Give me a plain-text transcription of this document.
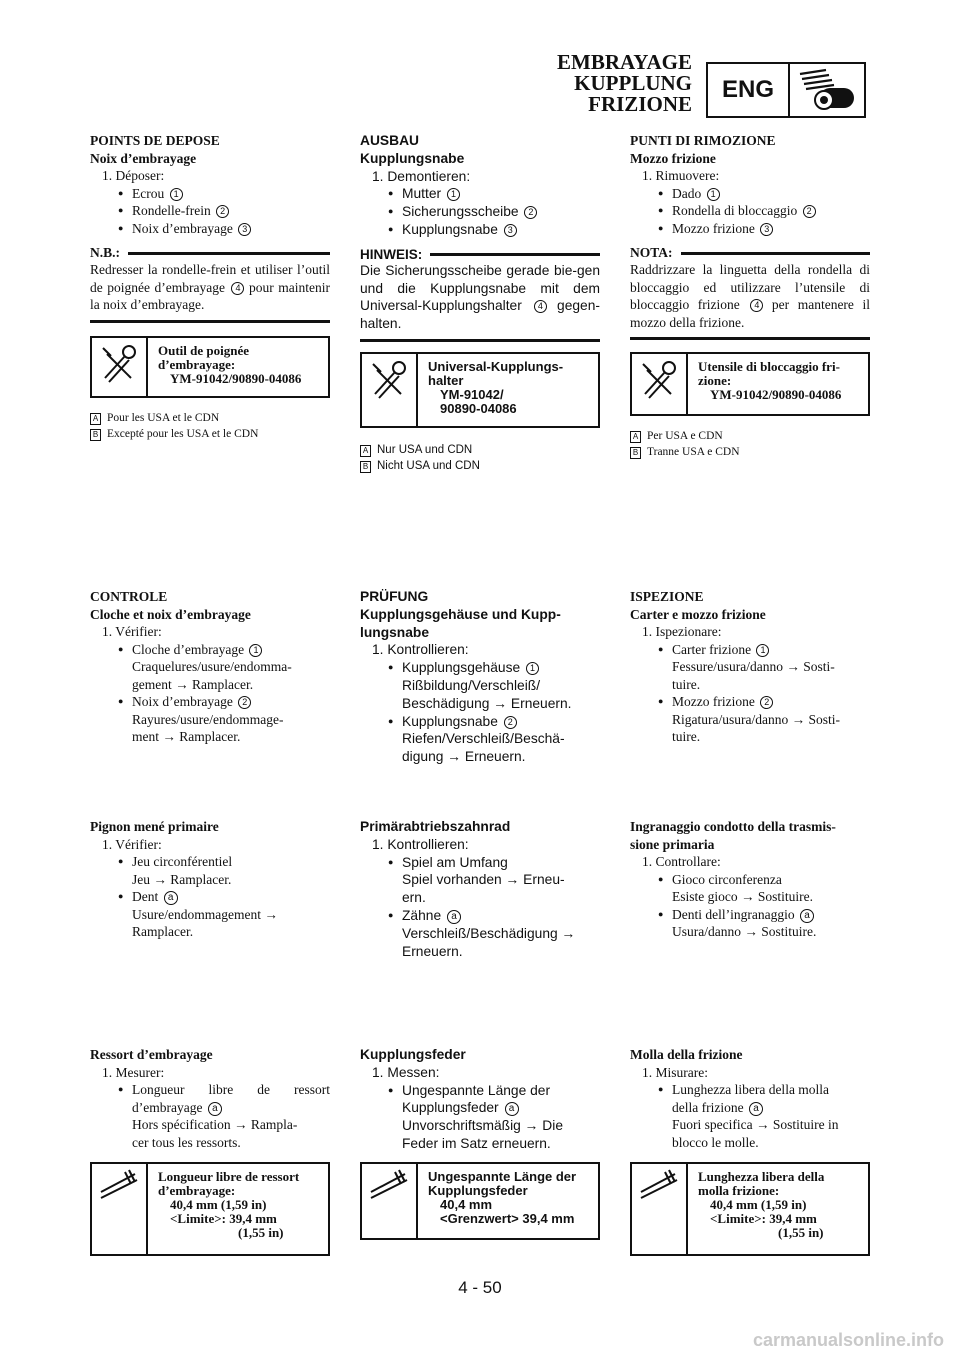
EMBRAYAGE
KUPPLUNG
FRIZIONE
ENG
POINTS DE DEPOSE
Noix d’embrayage
1. Déposer:
● Ecrou 1
● Rondelle-frein 2
● Noix d’embrayage 3
N.B.:
Redresser la rondelle-frein et utiliser l’outil de poignée d’embrayage 4 pour maintenir la noix d’embrayage.
Outil de poignée
d’embrayage:
YM-91042/90890-04086
A Pour les USA et le CDN
B Excepté pour les USA et le CDN
CONTROLE
Cloche et noix d’embrayage
1. Vérifier:
● Cloche d’embrayage 1
Craquelures/usure/endomma-
gement → Ramplacer.
● Noix d’embrayage 2
Rayures/usure/endommage-
ment → Ramplacer.
Pignon mené primaire
1. Vérifier:
● Jeu circonférentiel
Jeu → Ramplacer.
● Dent a
Usure/endommagement →
Ramplacer.
Ressort d’embrayage
1. Mesurer:
● Longueur libre de ressort
d’embrayage a
Hors spécification → Rampla-
cer tous les ressorts.
Longueur libre de ressort
d’embrayage:
40,4 mm (1,59 in)
<Limite>: 39,4 mm
(1,55 in)
AUSBAU
Kupplungsnabe
1. Demontieren:
● Mutter 1
● Sicherungsscheibe 2
● Kupplungsnabe 3
HINWEIS:
Die Sicherungsscheibe gerade bie-gen und die Kupplungsnabe mit dem Universal-Kupplungshalter 4 gegen-halten.
Universal-Kupplungs-
halter
YM-91042/
90890-04086
A Nur USA und CDN
B Nicht USA und CDN
PRÜFUNG
Kupplungsgehäuse und Kupp-
lungsnabe
1. Kontrollieren:
● Kupplungsgehäuse 1
Rißbildung/Verschleiß/
Beschädigung → Erneuern.
● Kupplungsnabe 2
Riefen/Verschleiß/Beschä-
digung → Erneuern.
Primärabtriebszahnrad
1. Kontrollieren:
● Spiel am Umfang
Spiel vorhanden → Erneu-
ern.
● Zähne a
Verschleiß/Beschädigung →
Erneuern.
Kupplungsfeder
1. Messen:
● Ungespannte Länge der
Kupplungsfeder a
Unvorschriftsmäßig → Die
Feder im Satz erneuern.
Ungespannte Länge der
Kupplungsfeder
40,4 mm
<Grenzwert> 39,4 mm
PUNTI DI RIMOZIONE
Mozzo frizione
1. Rimuovere:
● Dado 1
● Rondella di bloccaggio 2
● Mozzo frizione 3
NOTA:
Raddrizzare la linguetta della rondella di bloccaggio ed utilizzare l’utensile di bloccaggio frizione 4 per mantenere il mozzo della frizione.
Utensile di bloccaggio fri-
zione:
YM-91042/90890-04086
A Per USA e CDN
B Tranne USA e CDN
ISPEZIONE
Carter e mozzo frizione
1. Ispezionare:
● Carter frizione 1
Fessure/usura/danno → Sosti-
tuire.
● Mozzo frizione 2
Rigatura/usura/danno → Sosti-
tuire.
Ingranaggio condotto della trasmis-
sione primaria
1. Controllare:
● Gioco circonferenza
Esiste gioco → Sostituire.
● Denti dell’ingranaggio a
Usura/danno → Sostituire.
Molla della frizione
1. Misurare:
● Lunghezza libera della molla
della frizione a
Fuori specifica → Sostituire in
blocco le molle.
Lunghezza libera della
molla frizione:
40,4 mm (1,59 in)
<Limite>: 39,4 mm
(1,55 in)
4 - 50
carmanualsonline.info
